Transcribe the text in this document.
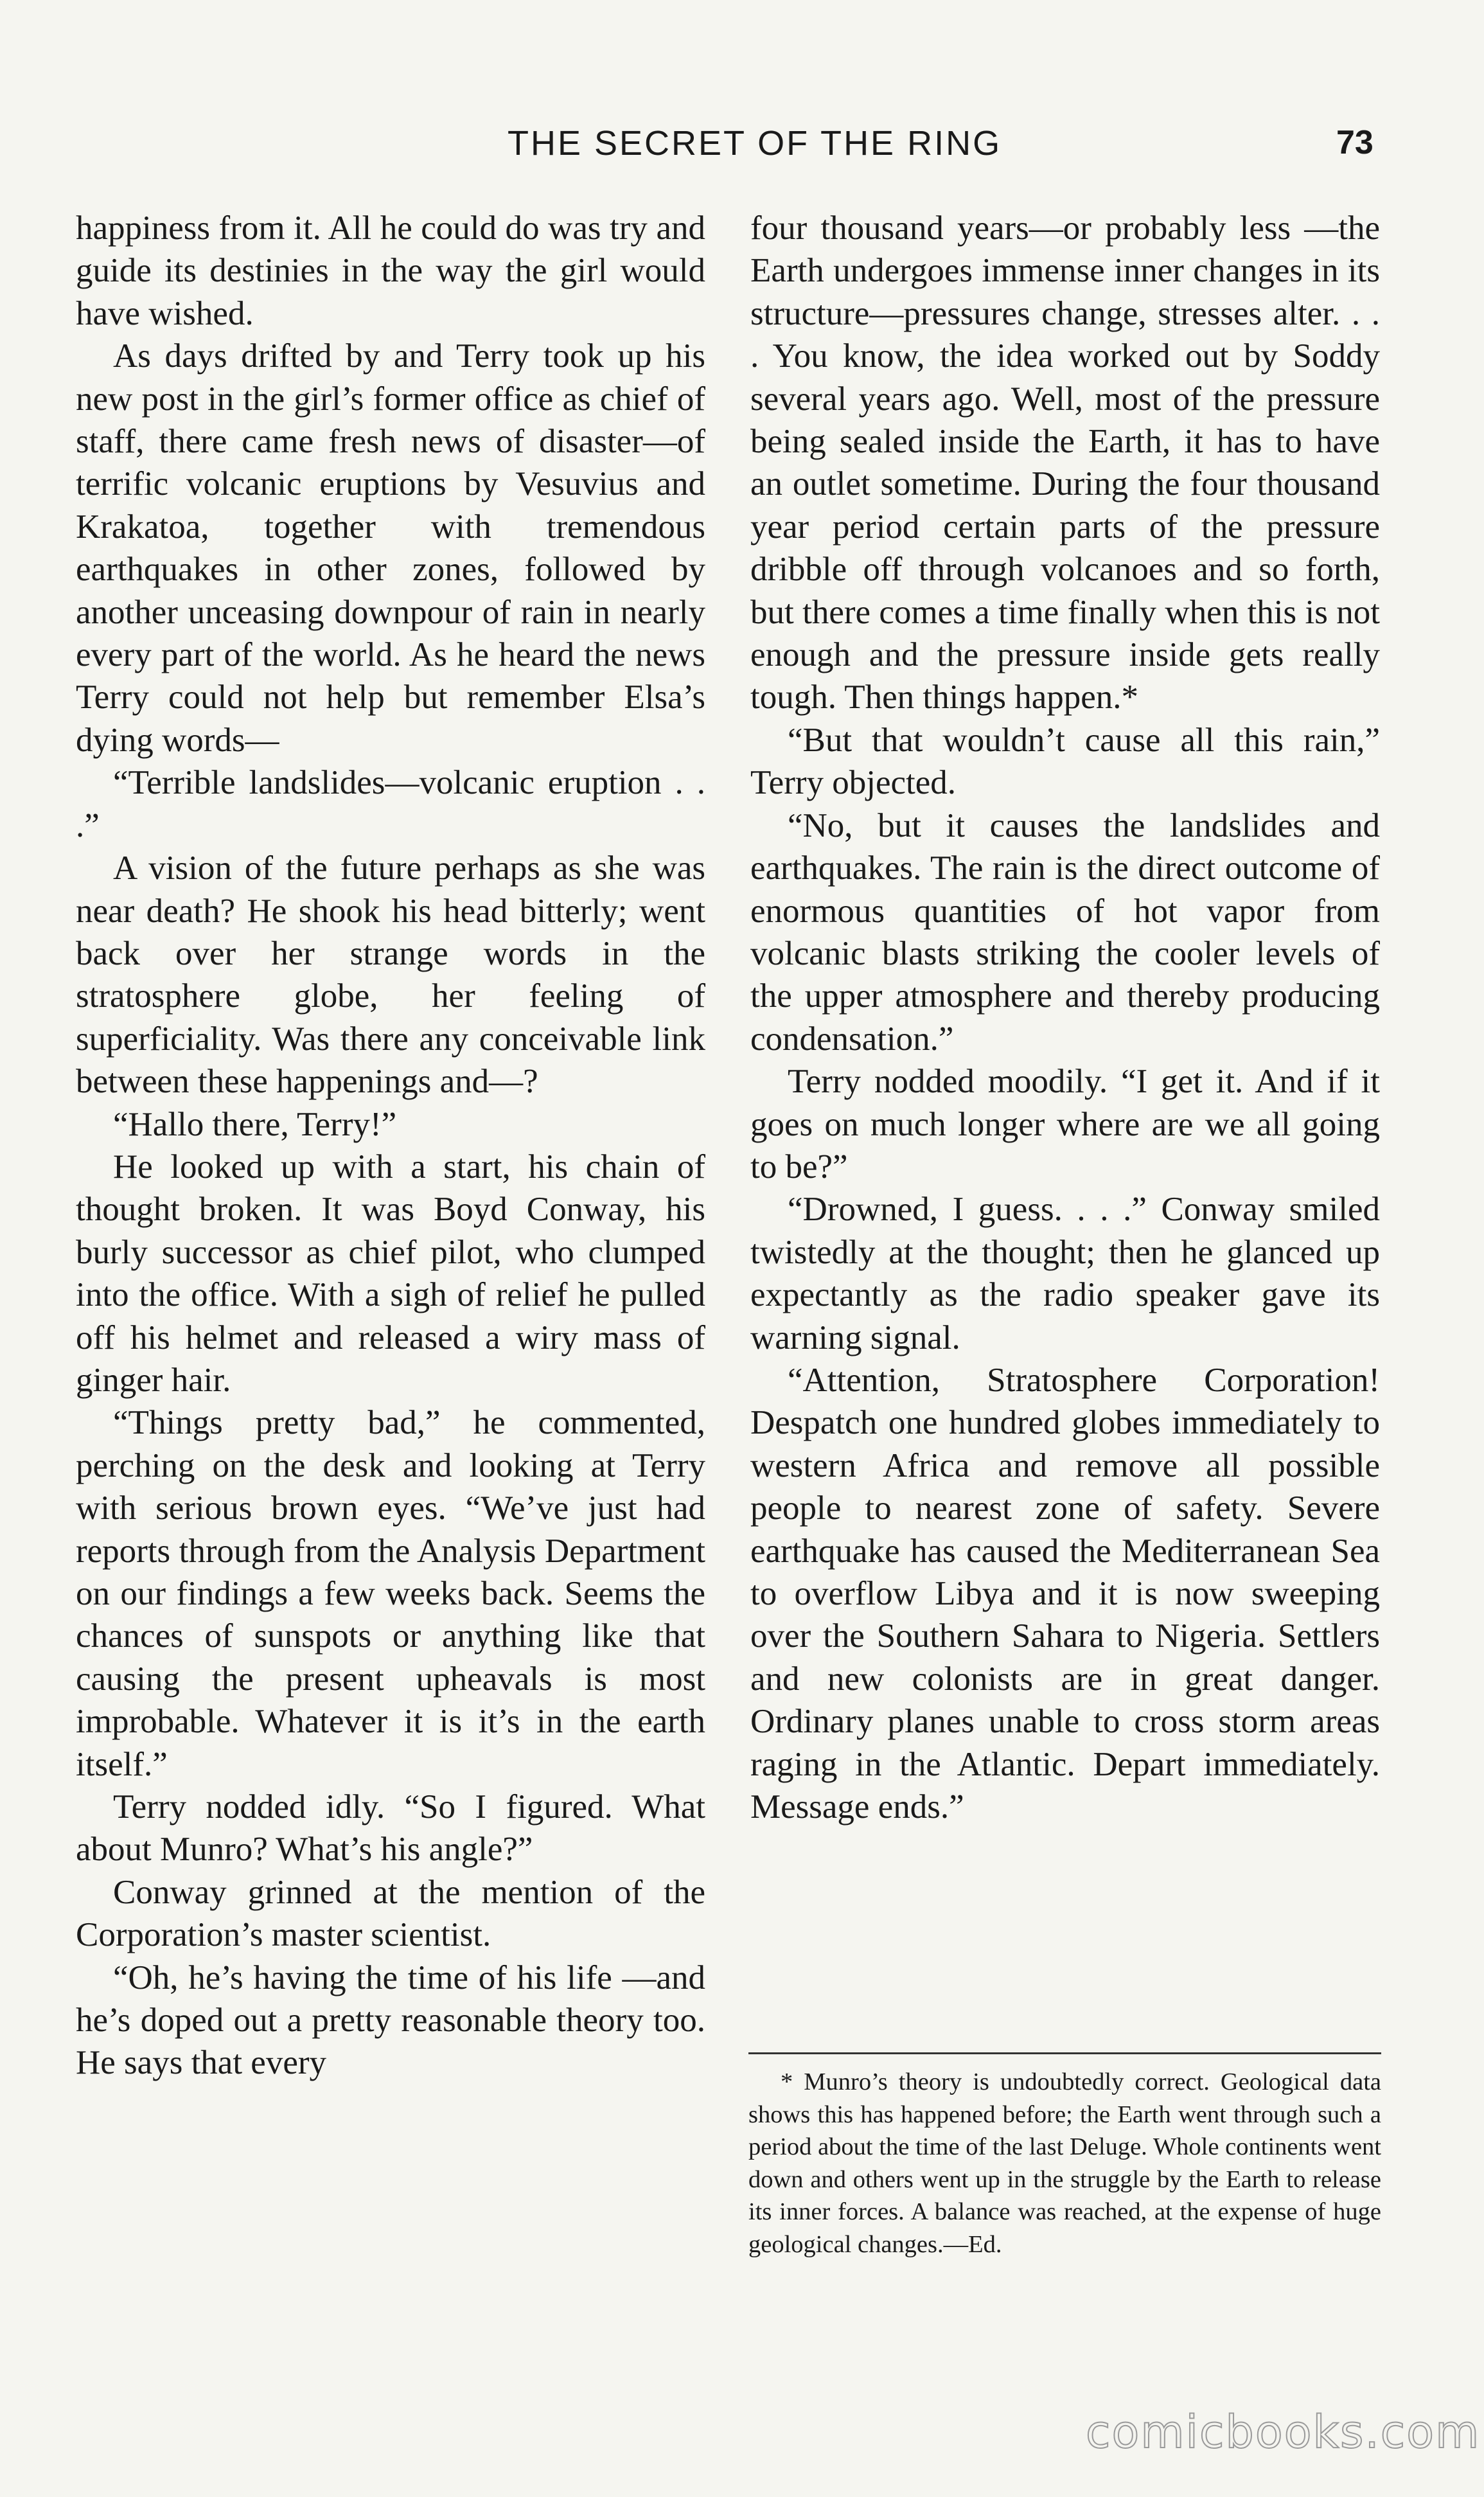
THE SECRET OF THE RING	73

happiness from it. All he could do was try and guide its destinies in the way the girl would have wished.

As days drifted by and Terry took up his new post in the girl’s former office as chief of staff, there came fresh news of disaster—of terrific volcanic eruptions by Vesuvius and Krakatoa, together with tremendous earthquakes in other zones, followed by another unceasing downpour of rain in nearly every part of the world. As he heard the news Terry could not help but remember Elsa’s dying words—

“Terrible landslides—volcanic eruption . . .”

A vision of the future perhaps as she was near death? He shook his head bitterly; went back over her strange words in the stratosphere globe, her feeling of superficiality. Was there any conceivable link between these happenings and—?

“Hallo there, Terry!”

He looked up with a start, his chain of thought broken. It was Boyd Conway, his burly successor as chief pilot, who clumped into the office. With a sigh of relief he pulled off his helmet and released a wiry mass of ginger hair.

“Things pretty bad,” he commented, perching on the desk and looking at Terry with serious brown eyes. “We’ve just had reports through from the Analysis Department on our findings a few weeks back. Seems the chances of sunspots or anything like that causing the present upheavals is most improbable. Whatever it is it’s in the earth itself.”

Terry nodded idly. “So I figured. What about Munro? What’s his angle?”

Conway grinned at the mention of the Corporation’s master scientist.

“Oh, he’s having the time of his life —and he’s doped out a pretty reasonable theory too. He says that every

four thousand years—or probably less —the Earth undergoes immense inner changes in its structure—pressures change, stresses alter. . . . You know, the idea worked out by Soddy several years ago. Well, most of the pressure being sealed inside the Earth, it has to have an outlet sometime. During the four thousand year period certain parts of the pressure dribble off through volcanoes and so forth, but there comes a time finally when this is not enough and the pressure inside gets really tough. Then things happen.*

“But that wouldn’t cause all this rain,” Terry objected.

“No, but it causes the landslides and earthquakes. The rain is the direct outcome of enormous quantities of hot vapor from volcanic blasts striking the cooler levels of the upper atmosphere and thereby producing condensation.”

Terry nodded moodily. “I get it. And if it goes on much longer where are we all going to be?”

“Drowned, I guess. . . .” Conway smiled twistedly at the thought; then he glanced up expectantly as the radio speaker gave its warning signal.

“Attention, Stratosphere Corporation! Despatch one hundred globes immediately to western Africa and remove all possible people to nearest zone of safety. Severe earthquake has caused the Mediterranean Sea to overflow Libya and it is now sweeping over the Southern Sahara to Nigeria. Settlers and new colonists are in great danger. Ordinary planes unable to cross storm areas raging in the Atlantic. Depart immediately. Message ends.”

* Munro’s theory is undoubtedly correct. Geological data shows this has happened before; the Earth went through such a period about the time of the last Deluge. Whole continents went down and others went up in the struggle by the Earth to release its inner forces. A balance was reached, at the expense of huge geological changes.—Ed.

comicbooks.com
